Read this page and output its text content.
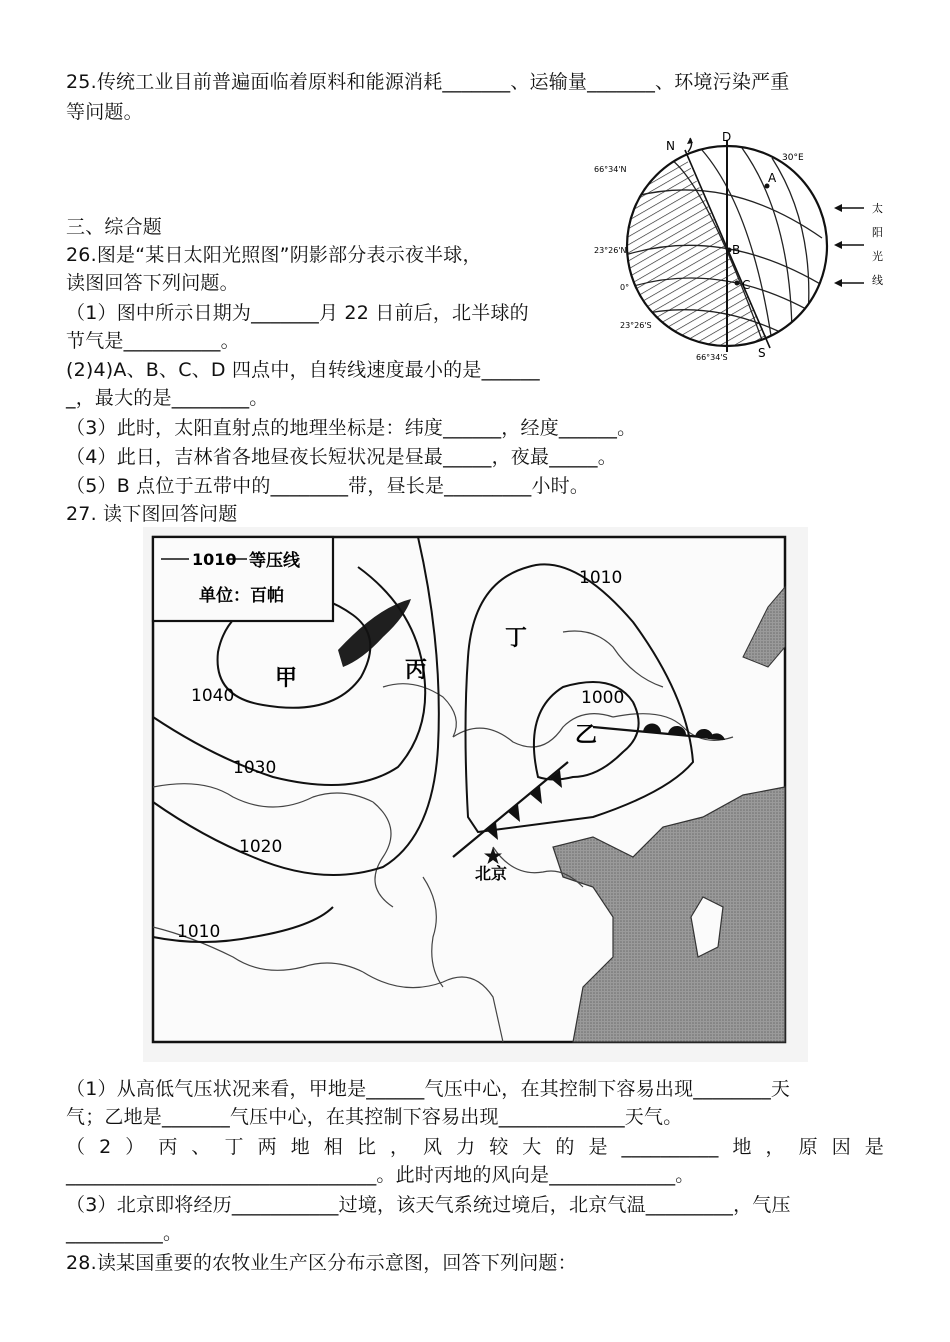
25.传统工业目前普遍面临着原料和能源消耗_______、运输量_______、环境污染严重
等问题。
三、综合题
26.图是“某日太阳光照图”阴影部分表示夜半球，
读图回答下列问题。
（1）图中所示日期为_______月 22 日前后，北半球的
节气是__________。
(2)4)A、B、C、D 四点中，自转线速度最小的是______
_，最大的是________。
（3）此时，太阳直射点的地理坐标是：纬度______，经度______。
（4）此日，吉林省各地昼夜长短状况是昼最_____，夜最_____。
（5）B 点位于五带中的________带，昼长是_________小时。
27. 读下图回答问题
N
D
A
B
C
S
30°E
66°34'N
23°26'N
0°
23°26'S
66°34'S
太
阳
光
线
1010 等压线
单位：百帕
甲	丙
丁
乙
1040
1030
1020
1010
1010
1000
北京
（1）从高低气压状况来看，甲地是______气压中心，在其控制下容易出现________天
气；乙地是_______气压中心，在其控制下容易出现_____________天气。
（2）丙、丁两地相比，风力较大的是__________地，原因是
________________________________。此时丙地的风向是_____________。
（3）北京即将经历___________过境，该天气系统过境后，北京气温_________，气压
__________。
28.读某国重要的农牧业生产区分布示意图，回答下列问题：
